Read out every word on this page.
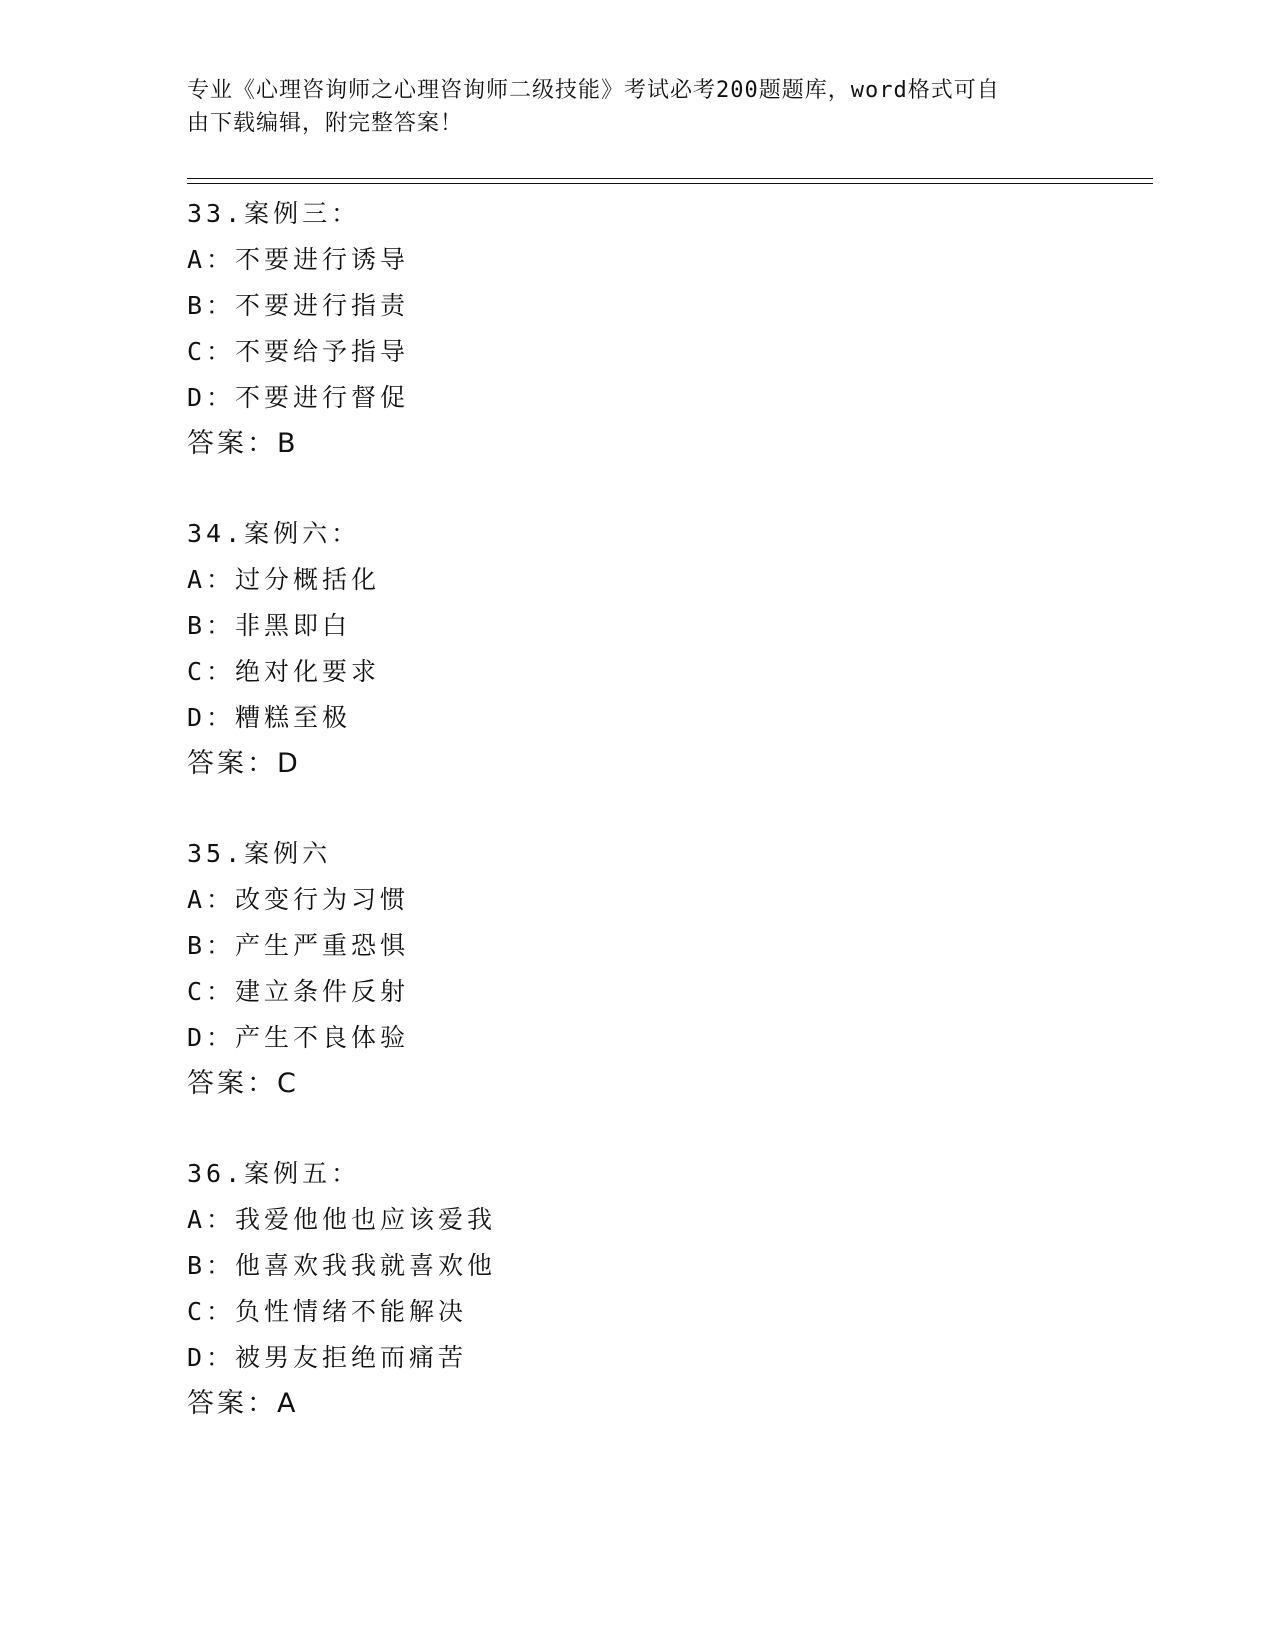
专业《心理咨询师之心理咨询师二级技能》考试必考200题题库，word格式可自
由下载编辑，附完整答案！
33.案例三：
A：不要进行诱导
B：不要进行指责
C：不要给予指导
D：不要进行督促
答案：B
34.案例六：
A：过分概括化
B：非黑即白
C：绝对化要求
D：糟糕至极
答案：D
35.案例六
A：改变行为习惯
B：产生严重恐惧
C：建立条件反射
D：产生不良体验
答案：C
36.案例五：
A：我爱他他也应该爱我
B：他喜欢我我就喜欢他
C：负性情绪不能解决
D：被男友拒绝而痛苦
答案：A
